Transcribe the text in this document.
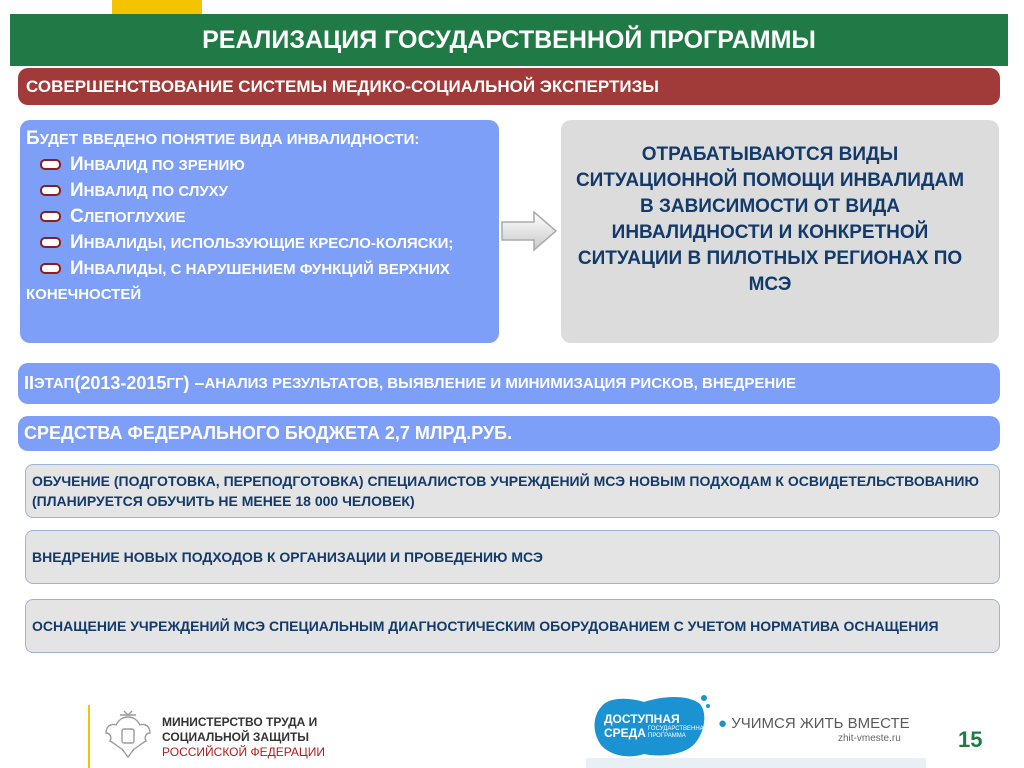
РЕАЛИЗАЦИЯ ГОСУДАРСТВЕННОЙ ПРОГРАММЫ
СОВЕРШЕНСТВОВАНИЕ СИСТЕМЫ МЕДИКО-СОЦИАЛЬНОЙ ЭКСПЕРТИЗЫ
БУДЕТ ВВЕДЕНО ПОНЯТИЕ ВИДА ИНВАЛИДНОСТИ:
ИНВАЛИД ПО ЗРЕНИЮ
ИНВАЛИД ПО СЛУХУ
СЛЕПОГЛУХИЕ
ИНВАЛИДЫ, ИСПОЛЬЗУЮЩИЕ КРЕСЛО-КОЛЯСКИ;
ИНВАЛИДЫ, С НАРУШЕНИЕМ ФУНКЦИЙ ВЕРХНИХ КОНЕЧНОСТЕЙ
ОТРАБАТЫВАЮТСЯ ВИДЫ СИТУАЦИОННОЙ ПОМОЩИ ИНВАЛИДАМ В ЗАВИСИМОСТИ ОТ ВИДА ИНВАЛИДНОСТИ И КОНКРЕТНОЙ СИТУАЦИИ В ПИЛОТНЫХ РЕГИОНАХ ПО МСЭ
II ЭТАП (2013-2015 ГГ ) – АНАЛИЗ РЕЗУЛЬТАТОВ, ВЫЯВЛЕНИЕ И МИНИМИЗАЦИЯ РИСКОВ, ВНЕДРЕНИЕ
СРЕДСТВА ФЕДЕРАЛЬНОГО БЮДЖЕТА 2,7 МЛРД.РУБ.
ОБУЧЕНИЕ (ПОДГОТОВКА, ПЕРЕПОДГОТОВКА) СПЕЦИАЛИСТОВ УЧРЕЖДЕНИЙ МСЭ НОВЫМ ПОДХОДАМ К ОСВИДЕТЕЛЬСТВОВАНИЮ (ПЛАНИРУЕТСЯ ОБУЧИТЬ НЕ МЕНЕЕ 18 000 ЧЕЛОВЕК)
ВНЕДРЕНИЕ НОВЫХ ПОДХОДОВ К ОРГАНИЗАЦИИ И ПРОВЕДЕНИЮ МСЭ
ОСНАЩЕНИЕ УЧРЕЖДЕНИЙ МСЭ СПЕЦИАЛЬНЫМ ДИАГНОСТИЧЕСКИМ ОБОРУДОВАНИЕМ С УЧЕТОМ НОРМАТИВА ОСНАЩЕНИЯ
МИНИСТЕРСТВО ТРУДА И
СОЦИАЛЬНОЙ ЗАЩИТЫ
РОССИЙСКОЙ ФЕДЕРАЦИИ
ДОСТУПНАЯ
СРЕДА ГОСУДАРСТВЕННАЯ
ПРОГРАММА
● УЧИМСЯ ЖИТЬ ВМЕСТЕ
zhit-vmeste.ru	15
